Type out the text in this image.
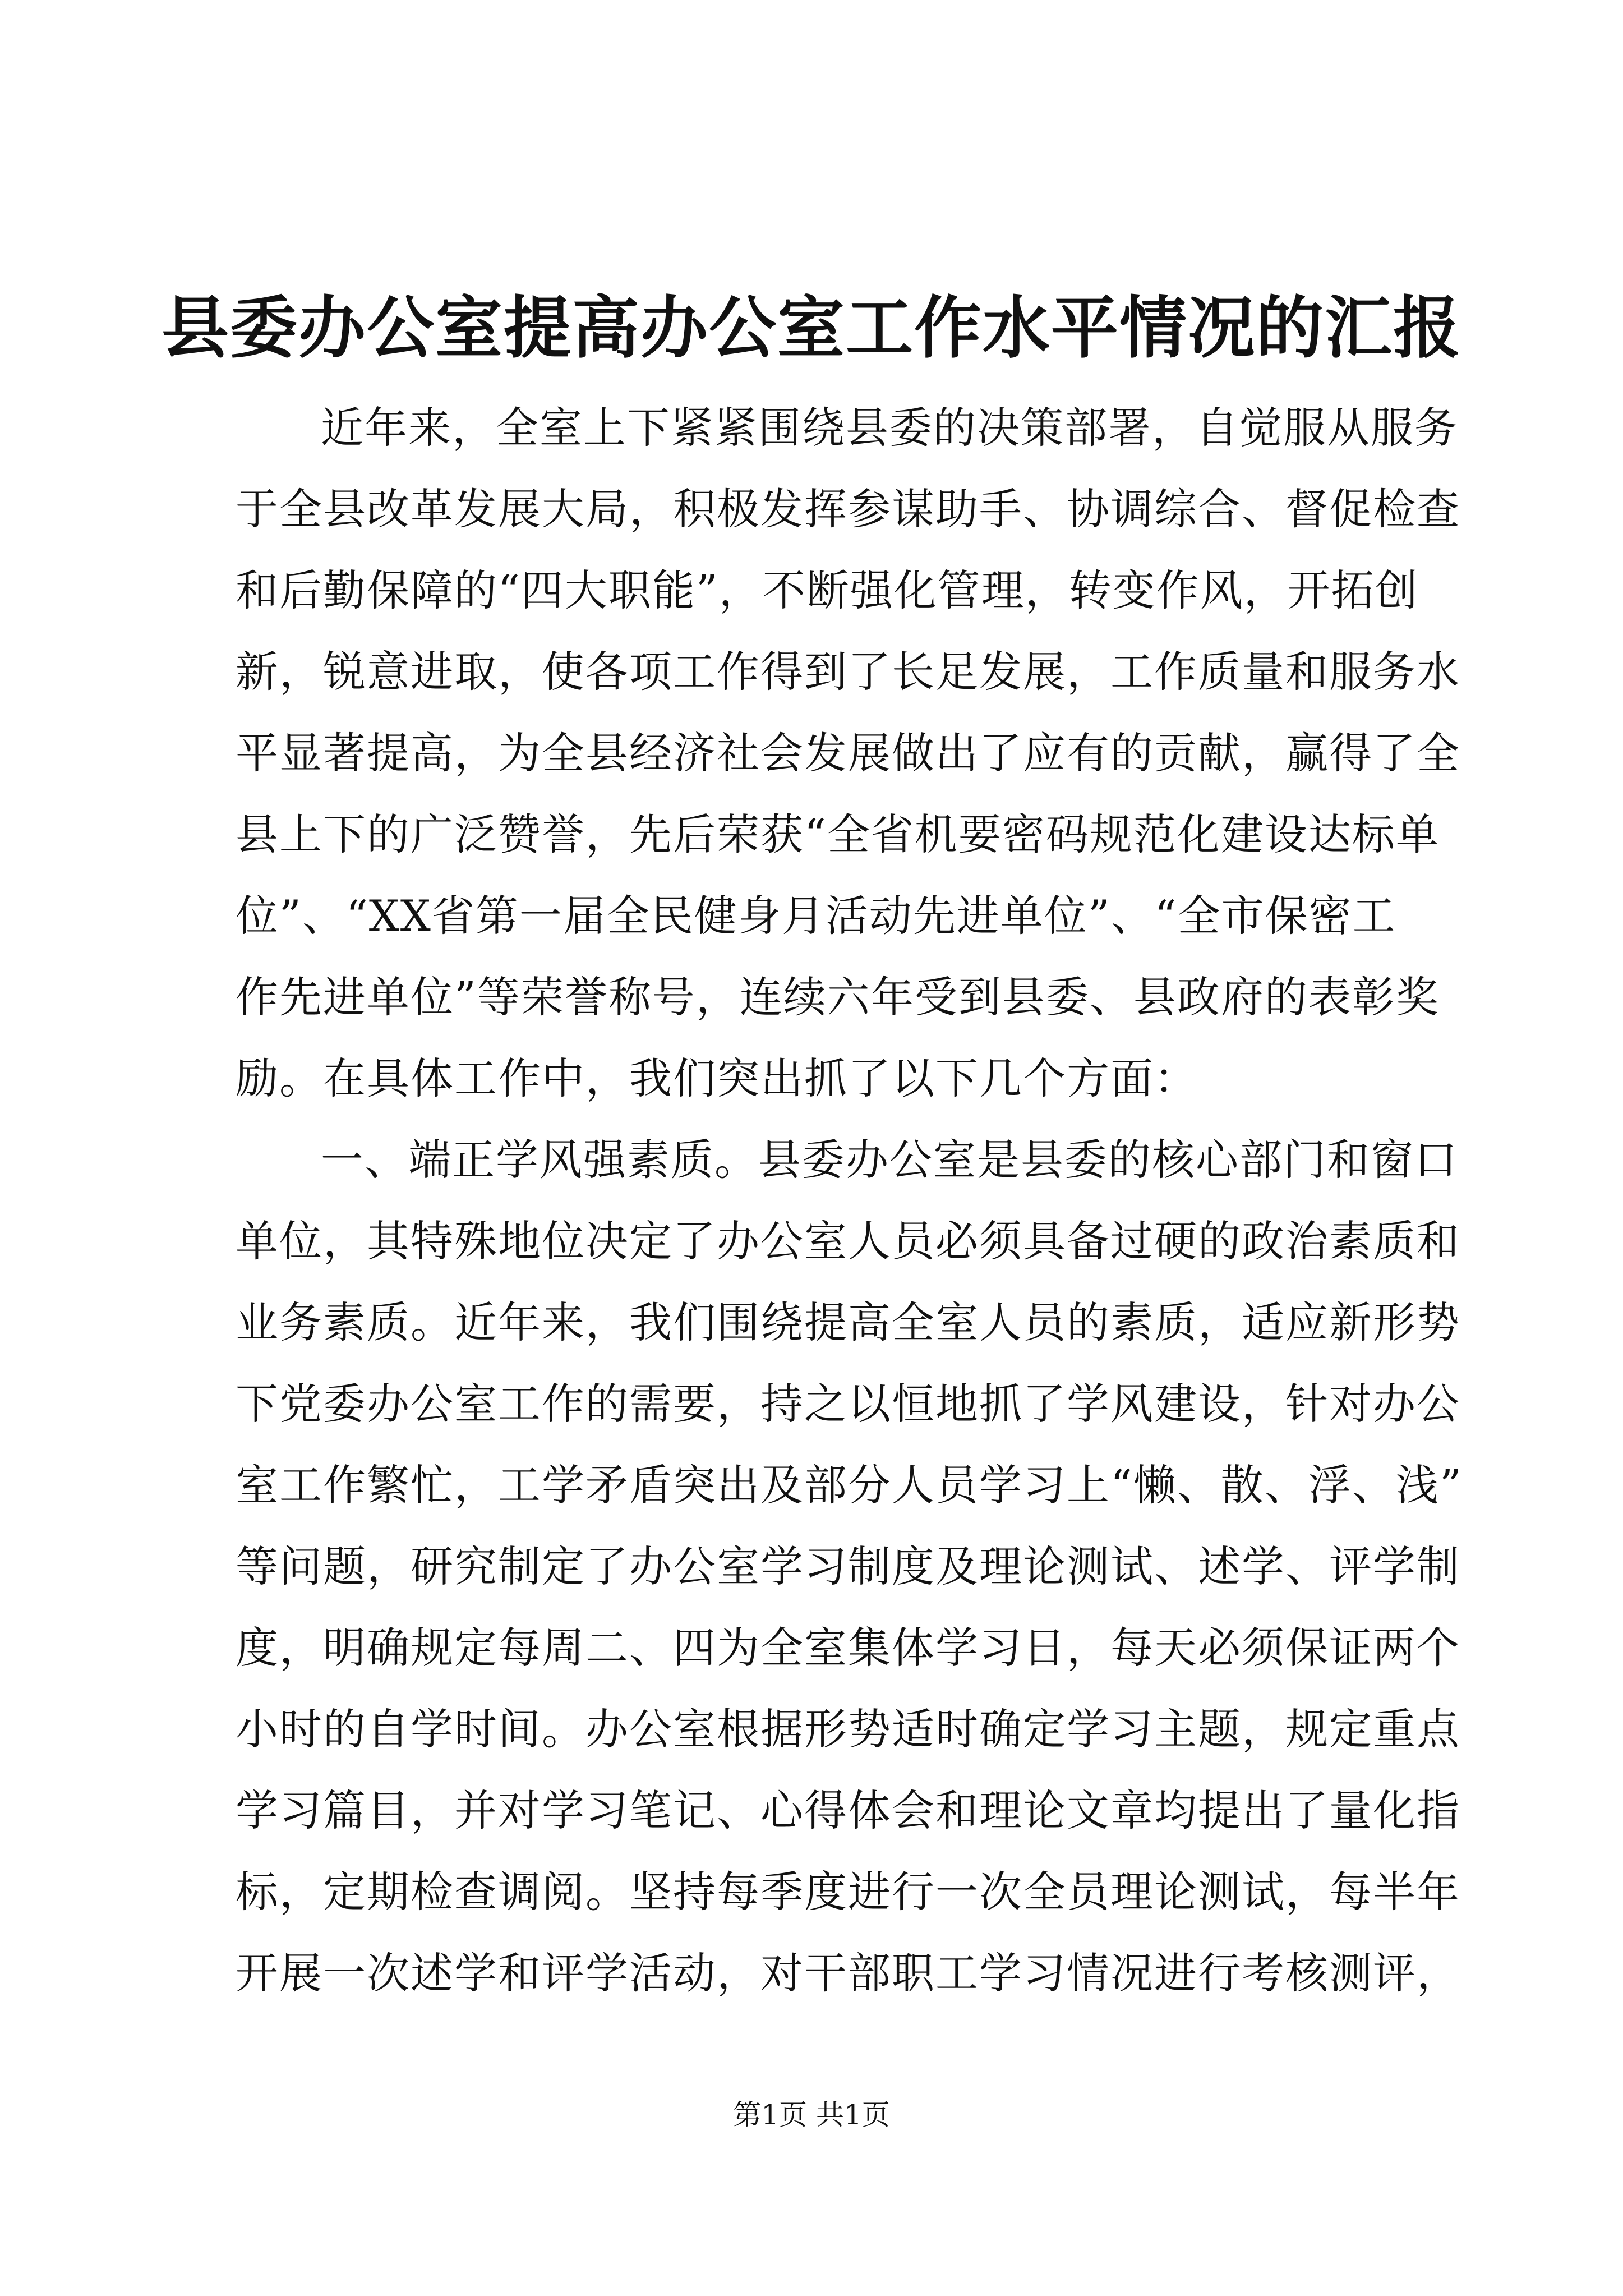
县委办公室提高办公室工作水平情况的汇报
近年来，全室上下紧紧围绕县委的决策部署，自觉服从服务
于全县改革发展大局，积极发挥参谋助手、协调综合、督促检查
和后勤保障的“四大职能”，不断强化管理，转变作风，开拓创
新，锐意进取，使各项工作得到了长足发展，工作质量和服务水
平显著提高，为全县经济社会发展做出了应有的贡献，赢得了全
县上下的广泛赞誉，先后荣获“全省机要密码规范化建设达标单
位”、“XX省第一届全民健身月活动先进单位”、“全市保密工
作先进单位”等荣誉称号，连续六年受到县委、县政府的表彰奖
励。在具体工作中，我们突出抓了以下几个方面：
一、端正学风强素质。县委办公室是县委的核心部门和窗口
单位，其特殊地位决定了办公室人员必须具备过硬的政治素质和
业务素质。近年来，我们围绕提高全室人员的素质，适应新形势
下党委办公室工作的需要，持之以恒地抓了学风建设，针对办公
室工作繁忙，工学矛盾突出及部分人员学习上“懒、散、浮、浅”
等问题，研究制定了办公室学习制度及理论测试、述学、评学制
度，明确规定每周二、四为全室集体学习日，每天必须保证两个
小时的自学时间。办公室根据形势适时确定学习主题，规定重点
学习篇目，并对学习笔记、心得体会和理论文章均提出了量化指
标，定期检查调阅。坚持每季度进行一次全员理论测试，每半年
开展一次述学和评学活动，对干部职工学习情况进行考核测评，
第1页 共1页
